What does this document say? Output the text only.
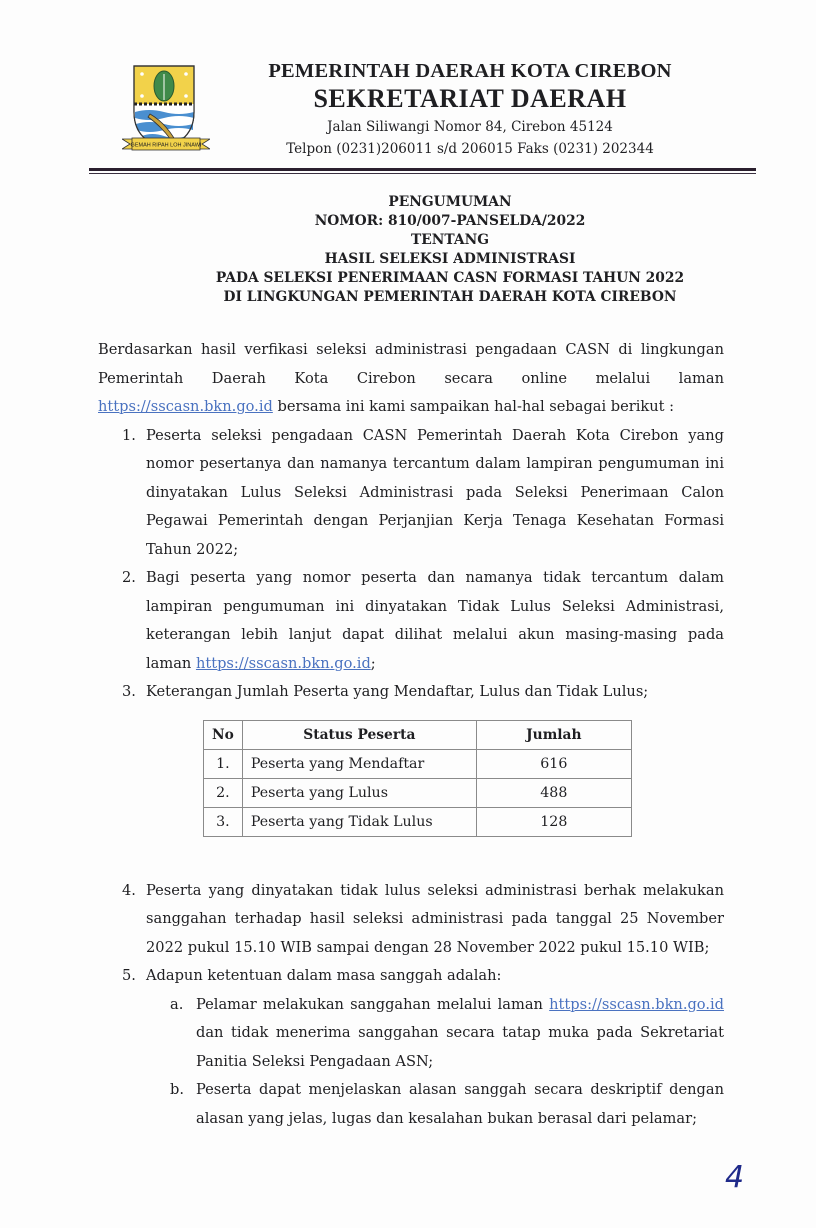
GEMAH RIPAH LOH JINAWI
PEMERINTAH DAERAH KOTA CIREBON
SEKRETARIAT DAERAH
Jalan Siliwangi Nomor 84, Cirebon 45124
Telpon (0231)206011 s/d 206015 Faks (0231) 202344
PENGUMUMAN
NOMOR: 810/007-PANSELDA/2022
TENTANG
HASIL SELEKSI ADMINISTRASI
PADA SELEKSI PENERIMAAN CASN FORMASI TAHUN 2022
DI LINGKUNGAN PEMERINTAH DAERAH KOTA CIREBON
Berdasarkan hasil verfikasi seleksi administrasi pengadaan CASN di lingkungan
Pemerintah Daerah Kota Cirebon secara online melalui laman
https://sscasn.bkn.go.id bersama ini kami sampaikan hal-hal sebagai berikut :
1. Peserta seleksi pengadaan CASN Pemerintah Daerah Kota Cirebon yang nomor pesertanya dan namanya tercantum dalam lampiran pengumuman ini dinyatakan Lulus Seleksi Administrasi pada Seleksi Penerimaan Calon Pegawai Pemerintah dengan Perjanjian Kerja Tenaga Kesehatan Formasi Tahun 2022;
2. Bagi peserta yang nomor peserta dan namanya tidak tercantum dalam lampiran pengumuman ini dinyatakan Tidak Lulus Seleksi Administrasi, keterangan lebih lanjut dapat dilihat melalui akun masing-masing pada laman https://sscasn.bkn.go.id;
3. Keterangan Jumlah Peserta yang Mendaftar, Lulus dan Tidak Lulus;
4. Peserta yang dinyatakan tidak lulus seleksi administrasi berhak melakukan sanggahan terhadap hasil seleksi administrasi pada tanggal 25 November 2022 pukul 15.10 WIB sampai dengan 28 November 2022 pukul 15.10 WIB;
5. Adapun ketentuan dalam masa sanggah adalah:
a. Pelamar melakukan sanggahan melalui laman https://sscasn.bkn.go.id dan tidak menerima sanggahan secara tatap muka pada Sekretariat Panitia Seleksi Pengadaan ASN;
b. Peserta dapat menjelaskan alasan sanggah secara deskriptif dengan alasan yang jelas, lugas dan kesalahan bukan berasal dari pelamar;
No	Status Peserta	Jumlah
1.	Peserta yang Mendaftar	616
2.	Peserta yang Lulus	488
3.	Peserta yang Tidak Lulus	128
4
